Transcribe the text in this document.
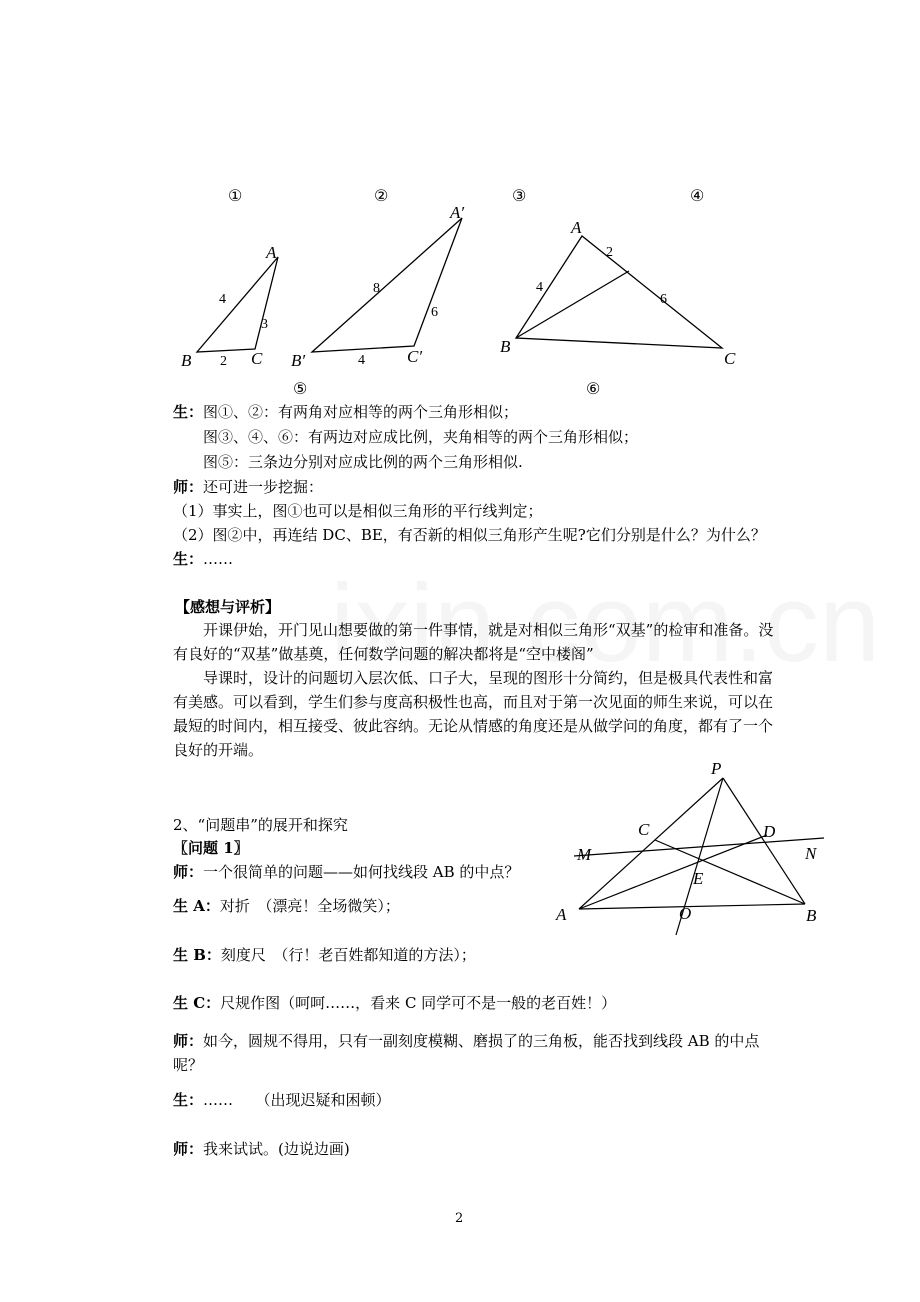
①	②	③	④
⑤	⑥
A
B	C
4
3
2
A′
B′	C′
8
6
4
A
B
C
2
4
6
生：图①、②：有两角对应相等的两个三角形相似；
图③、④、⑥：有两边对应成比例，夹角相等的两个三角形相似；
图⑤：三条边分别对应成比例的两个三角形相似.
师：还可进一步挖掘：
（1）事实上，图①也可以是相似三角形的平行线判定；
（2）图②中，再连结 DC、BE，有否新的相似三角形产生呢?它们分别是什么？为什么？
生：……
【感想与评析】
开课伊始，开门见山想要做的第一件事情，就是对相似三角形“双基”的检审和准备。没有良好的“双基”做基奠，任何数学问题的解决都将是“空中楼阁”
导课时，设计的问题切入层次低、口子大，呈现的图形十分简约，但是极具代表性和富有美感。可以看到，学生们参与度高积极性也高，而且对于第一次见面的师生来说，可以在最短的时间内，相互接受、彼此容纳。无论从情感的角度还是从做学问的角度，都有了一个良好的开端。
2、“问题串”的展开和探究
〖问题 1〗
师：一个很简单的问题——如何找线段 AB 的中点？
生 A：对折　（漂亮！全场微笑）；
生 B：刻度尺　（行！老百姓都知道的方法）；
生 C：尺规作图（呵呵……，看来 C 同学可不是一般的老百姓！）
师：如今，圆规不得用，只有一副刻度模糊、磨损了的三角板，能否找到线段 AB 的中点呢？
生：……　　（出现迟疑和困顿）
师：我来试试。(边说边画)
P
C	D
M	N
E
A	O	B
2
